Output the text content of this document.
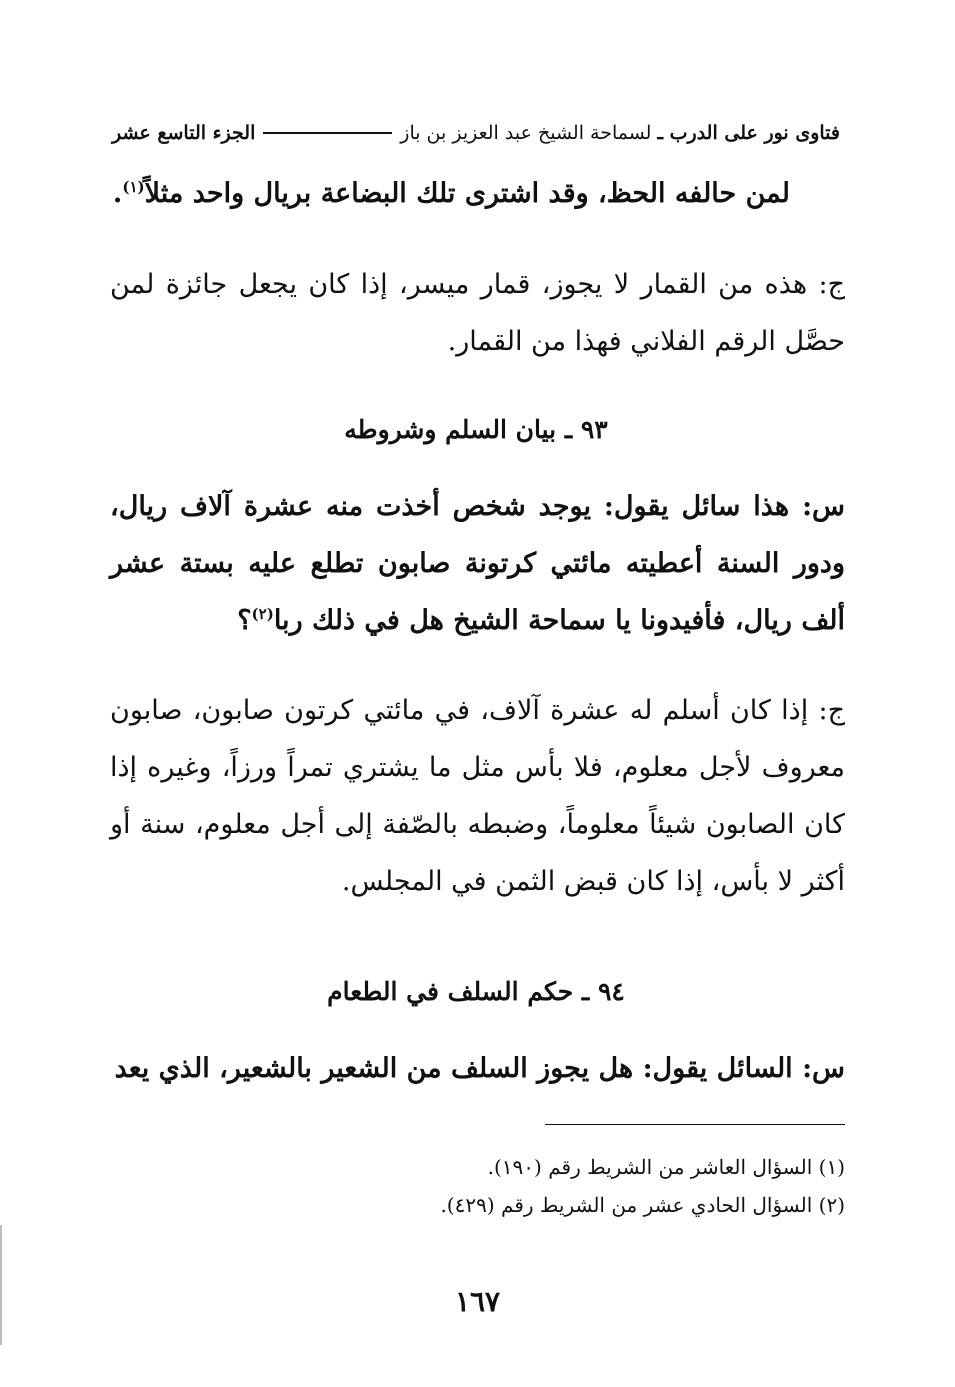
فتاوى نور على الدرب ـ
لسماحة الشيخ عبد العزيز بن باز
الجزء التاسع عشر

لمن حالفه الحظ، وقد اشترى تلك البضاعة بريال واحد مثلاً$^{(١)}$.

ج: هذه من القمار لا يجوز، قمار ميسر، إذا كان يجعل جائزة لمن حصَّل الرقم الفلاني فهذا من القمار.

٩٣ ـ بيان السلم وشروطه

س: هذا سائل يقول: يوجد شخص أخذت منه عشرة آلاف ريال، ودور السنة أعطيته مائتي كرتونة صابون تطلع عليه بستة عشر ألف ريال، فأفيدونا يا سماحة الشيخ هل في ذلك ربا$^{(٢)}$؟

ج: إذا كان أسلم له عشرة آلاف، في مائتي كرتون صابون، صابون معروف لأجل معلوم، فلا بأس مثل ما يشتري تمراً ورزاً، وغيره إذا كان الصابون شيئاً معلوماً، وضبطه بالصّفة إلى أجل معلوم، سنة أو أكثر لا بأس، إذا كان قبض الثمن في المجلس.

٩٤ ـ حكم السلف في الطعام

س: السائل يقول: هل يجوز السلف من الشعير بالشعير، الذي يعد

(١) السؤال العاشر من الشريط رقم (١٩٠).
(٢) السؤال الحادي عشر من الشريط رقم (٤٢٩).
١٦٧
